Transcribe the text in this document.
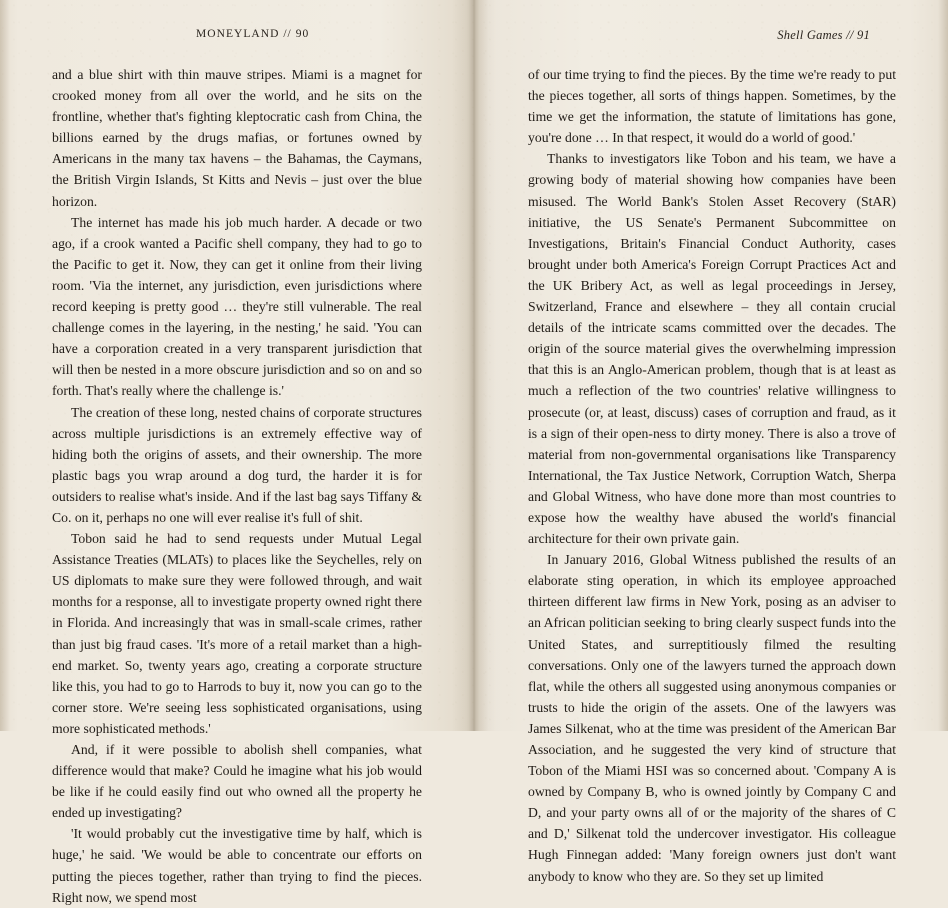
MONEYLAND // 90

and a blue shirt with thin mauve stripes. Miami is a magnet for crooked money from all over the world, and he sits on the frontline, whether that's fighting kleptocratic cash from China, the billions earned by the drugs mafias, or fortunes owned by Americans in the many tax havens – the Bahamas, the Caymans, the British Virgin Islands, St Kitts and Nevis – just over the blue horizon.

The internet has made his job much harder. A decade or two ago, if a crook wanted a Pacific shell company, they had to go to the Pacific to get it. Now, they can get it online from their living room. 'Via the internet, any jurisdiction, even jurisdictions where record keeping is pretty good … they're still vulnerable. The real challenge comes in the layering, in the nesting,' he said. 'You can have a corporation created in a very transparent jurisdiction that will then be nested in a more obscure jurisdiction and so on and so forth. That's really where the challenge is.'

The creation of these long, nested chains of corporate structures across multiple jurisdictions is an extremely effective way of hiding both the origins of assets, and their ownership. The more plastic bags you wrap around a dog turd, the harder it is for outsiders to realise what's inside. And if the last bag says Tiffany & Co. on it, perhaps no one will ever realise it's full of shit.

Tobon said he had to send requests under Mutual Legal Assistance Treaties (MLATs) to places like the Seychelles, rely on US diplomats to make sure they were followed through, and wait months for a response, all to investigate property owned right there in Florida. And increasingly that was in small-scale crimes, rather than just big fraud cases. 'It's more of a retail market than a high-end market. So, twenty years ago, creating a corporate structure like this, you had to go to Harrods to buy it, now you can go to the corner store. We're seeing less sophisticated organisations, using more sophisticated methods.'

And, if it were possible to abolish shell companies, what difference would that make? Could he imagine what his job would be like if he could easily find out who owned all the property he ended up investigating?

'It would probably cut the investigative time by half, which is huge,' he said. 'We would be able to concentrate our efforts on putting the pieces together, rather than trying to find the pieces. Right now, we spend most

Shell Games // 91

of our time trying to find the pieces. By the time we're ready to put the pieces together, all sorts of things happen. Sometimes, by the time we get the information, the statute of limitations has gone, you're done … In that respect, it would do a world of good.'

Thanks to investigators like Tobon and his team, we have a growing body of material showing how companies have been misused. The World Bank's Stolen Asset Recovery (StAR) initiative, the US Senate's Permanent Subcommittee on Investigations, Britain's Financial Conduct Authority, cases brought under both America's Foreign Corrupt Practices Act and the UK Bribery Act, as well as legal proceedings in Jersey, Switzerland, France and elsewhere – they all contain crucial details of the intricate scams committed over the decades. The origin of the source material gives the overwhelming impression that this is an Anglo-American problem, though that is at least as much a reflection of the two countries' relative willingness to prosecute (or, at least, discuss) cases of corruption and fraud, as it is a sign of their open-ness to dirty money. There is also a trove of material from non-governmental organisations like Transparency International, the Tax Justice Network, Corruption Watch, Sherpa and Global Witness, who have done more than most countries to expose how the wealthy have abused the world's financial architecture for their own private gain.

In January 2016, Global Witness published the results of an elaborate sting operation, in which its employee approached thirteen different law firms in New York, posing as an adviser to an African politician seeking to bring clearly suspect funds into the United States, and surreptitiously filmed the resulting conversations. Only one of the lawyers turned the approach down flat, while the others all suggested using anonymous companies or trusts to hide the origin of the assets. One of the lawyers was James Silkenat, who at the time was president of the American Bar Association, and he suggested the very kind of structure that Tobon of the Miami HSI was so concerned about. 'Company A is owned by Company B, who is owned jointly by Company C and D, and your party owns all of or the majority of the shares of C and D,' Silkenat told the undercover investigator. His colleague Hugh Finnegan added: 'Many foreign owners just don't want anybody to know who they are. So they set up limited
